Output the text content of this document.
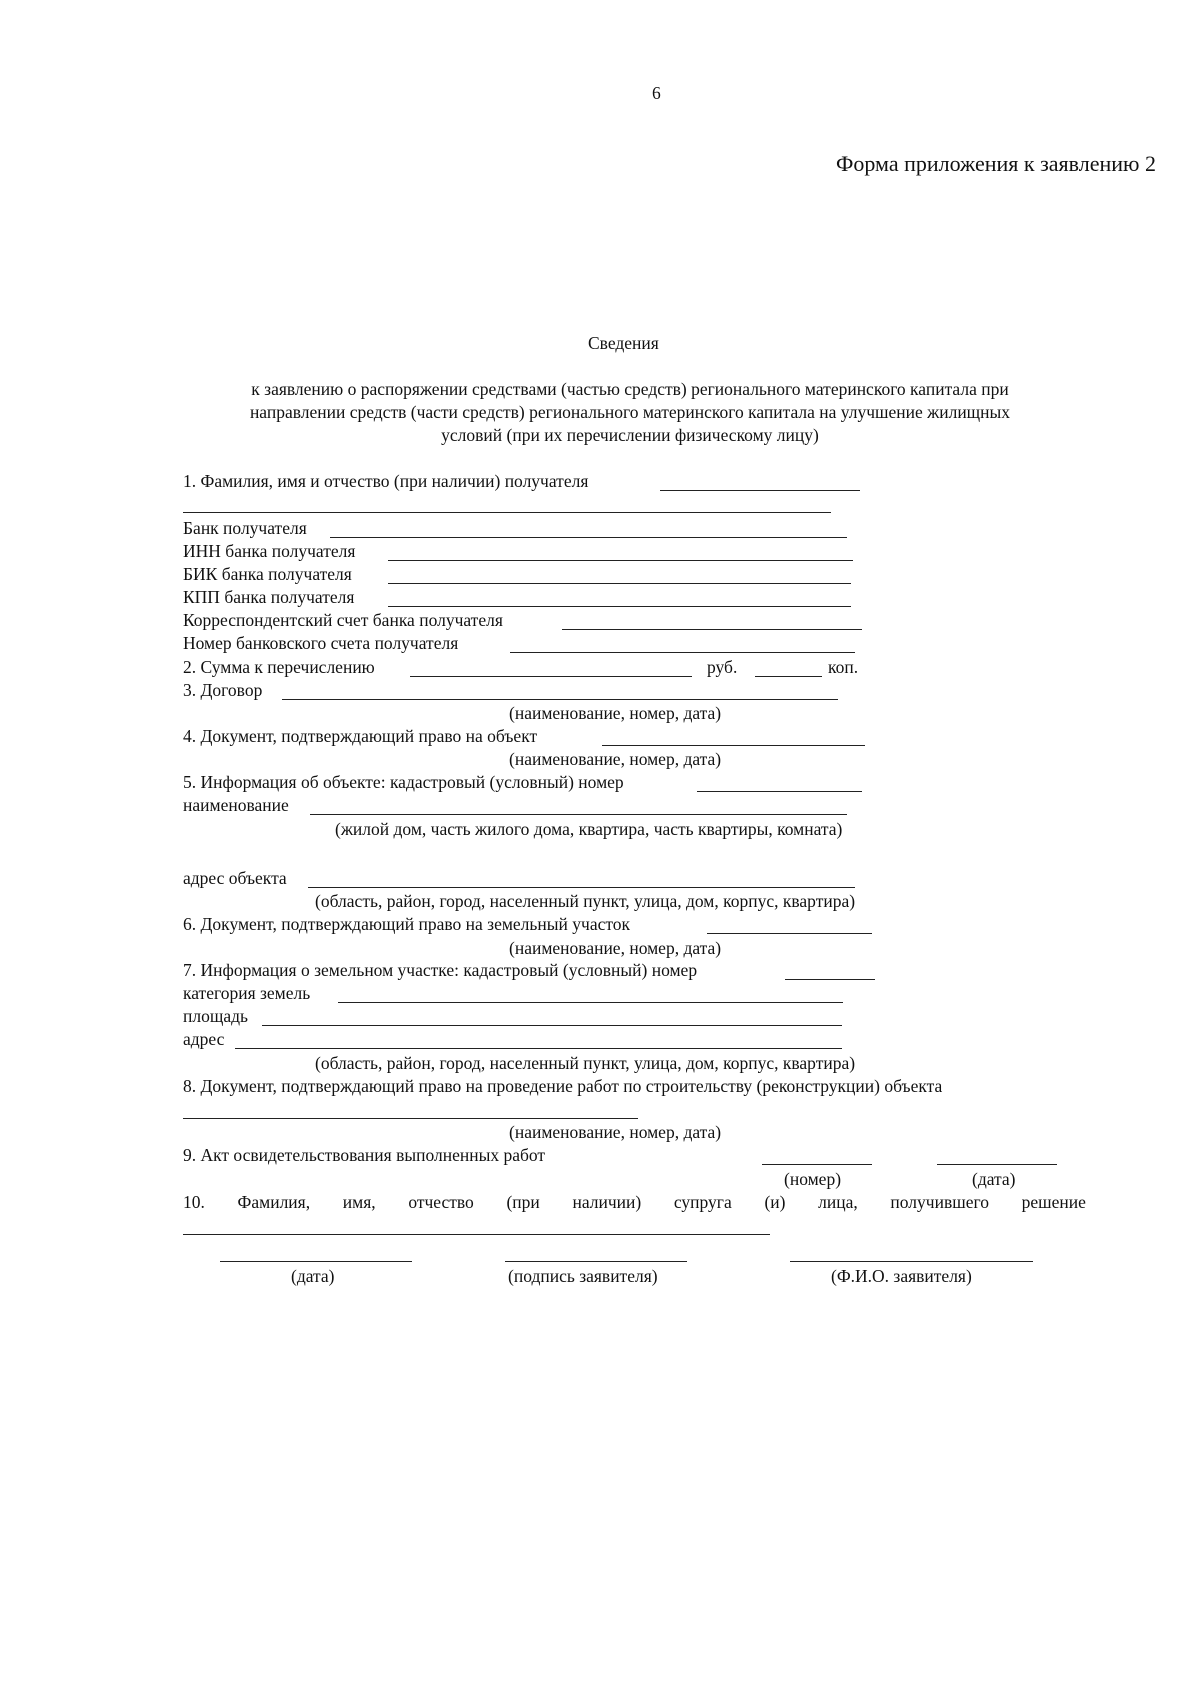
6
Форма приложения к заявлению 2
Сведения
к заявлению о распоряжении средствами (частью средств) регионального материнского капитала при
направлении средств (части средств) регионального материнского капитала на улучшение жилищных
условий (при их перечислении физическому лицу)
1. Фамилия, имя и отчество (при наличии) получателя
Банк получателя
ИНН банка получателя
БИК банка получателя
КПП банка получателя
Корреспондентский счет банка получателя
Номер банковского счета получателя
2. Сумма к перечислению	руб.	коп.
3. Договор
(наименование, номер, дата)
4. Документ, подтверждающий право на объект
(наименование, номер, дата)
5. Информация об объекте: кадастровый (условный) номер
наименование
(жилой дом, часть жилого дома, квартира, часть квартиры, комната)
адрес объекта
(область, район, город, населенный пункт, улица, дом, корпус, квартира)
6. Документ, подтверждающий право на земельный участок
(наименование, номер, дата)
7. Информация о земельном участке: кадастровый (условный) номер
категория земель
площадь
адрес
(область, район, город, населенный пункт, улица, дом, корпус, квартира)
8. Документ, подтверждающий право на проведение работ по строительству (реконструкции) объекта
(наименование, номер, дата)
9. Акт освидетельствования выполненных работ
(номер)	(дата)
10. Фамилия, имя, отчество (при наличии) супруга (и) лица, получившего решение
(дата)	(подпись заявителя)	(Ф.И.О. заявителя)
